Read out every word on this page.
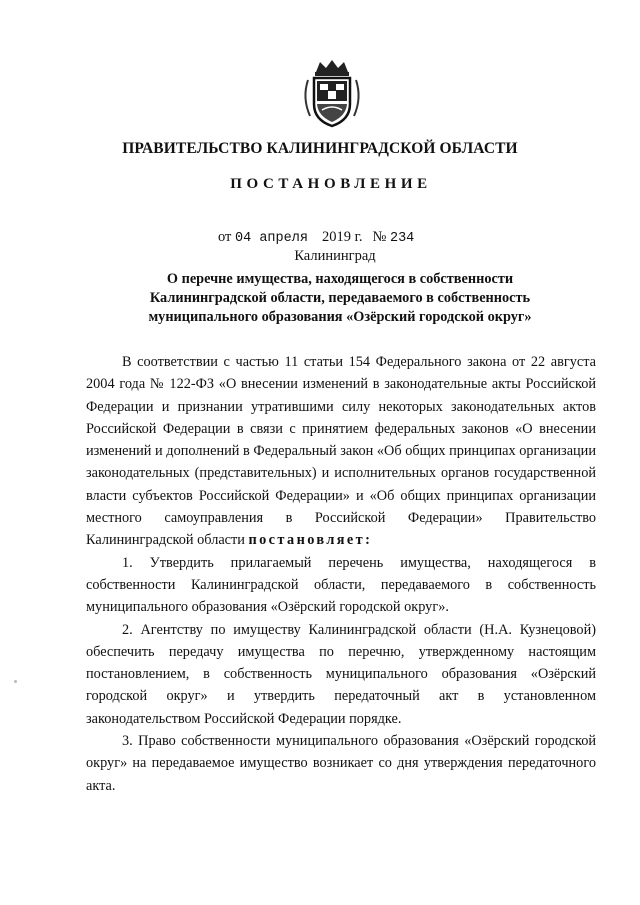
ПРАВИТЕЛЬСТВО КАЛИНИНГРАДСКОЙ ОБЛАСТИ
ПОСТАНОВЛЕНИЕ
от 04 апреля 2019 г. № 234
Калининград
О перечне имущества, находящегося в собственности
Калининградской области, передаваемого в собственность
муниципального образования «Озёрский городской округ»

В соответствии с частью 11 статьи 154 Федерального закона от 22 августа 2004 года № 122-ФЗ «О внесении изменений в законодательные акты Российской Федерации и признании утратившими силу некоторых законодательных актов Российской Федерации в связи с принятием федеральных законов «О внесении изменений и дополнений в Федеральный закон «Об общих принципах организации законодательных (представительных) и исполнительных органов государственной власти субъектов Российской Федерации» и «Об общих принципах организации местного самоуправления в Российской Федерации» Правительство Калининградской области постановляет:

1. Утвердить прилагаемый перечень имущества, находящегося в собственности Калининградской области, передаваемого в собственность муниципального образования «Озёрский городской округ».

2. Агентству по имуществу Калининградской области (Н.А. Кузнецовой) обеспечить передачу имущества по перечню, утвержденному настоящим постановлением, в собственность муниципального образования «Озёрский городской округ» и утвердить передаточный акт в установленном законодательством Российской Федерации порядке.

3. Право собственности муниципального образования «Озёрский городской округ» на передаваемое имущество возникает со дня утверждения передаточного акта.
